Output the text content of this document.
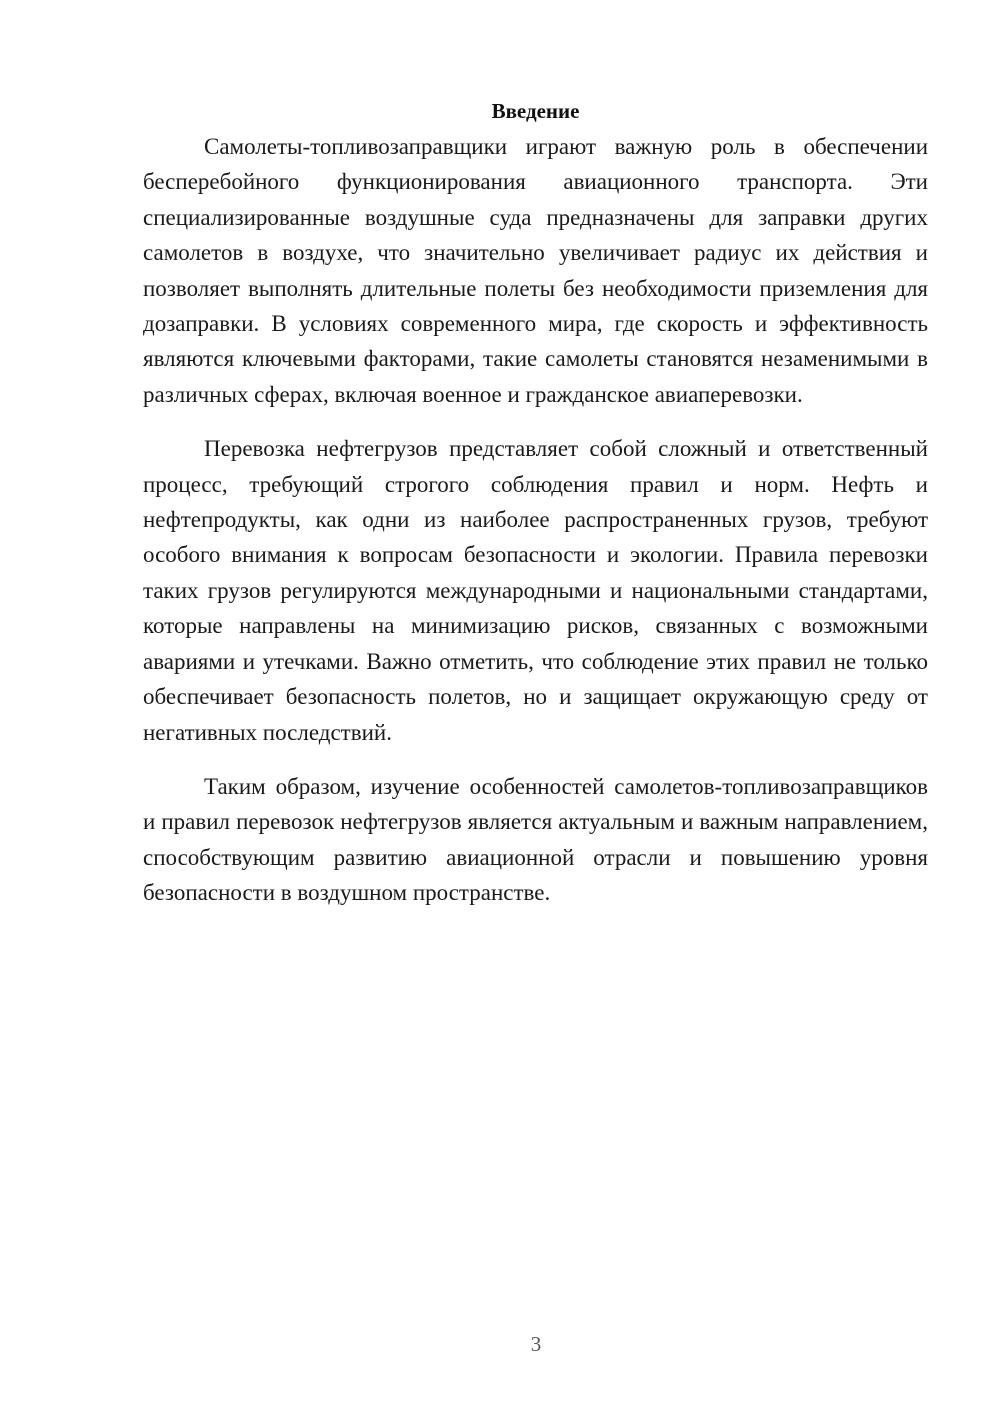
Введение

Самолеты-топливозаправщики играют важную роль в обеспечении бесперебойного функционирования авиационного транспорта. Эти специализированные воздушные суда предназначены для заправки других самолетов в воздухе, что значительно увеличивает радиус их действия и позволяет выполнять длительные полеты без необходимости приземления для дозаправки. В условиях современного мира, где скорость и эффективность являются ключевыми факторами, такие самолеты становятся незаменимыми в различных сферах, включая военное и гражданское авиаперевозки.

Перевозка нефтегрузов представляет собой сложный и ответственный процесс, требующий строгого соблюдения правил и норм. Нефть и нефтепродукты, как одни из наиболее распространенных грузов, требуют особого внимания к вопросам безопасности и экологии. Правила перевозки таких грузов регулируются международными и национальными стандартами, которые направлены на минимизацию рисков, связанных с возможными авариями и утечками. Важно отметить, что соблюдение этих правил не только обеспечивает безопасность полетов, но и защищает окружающую среду от негативных последствий.

Таким образом, изучение особенностей самолетов-топливозаправщиков и правил перевозок нефтегрузов является актуальным и важным направлением, способствующим развитию авиационной отрасли и повышению уровня безопасности в воздушном пространстве.

3
